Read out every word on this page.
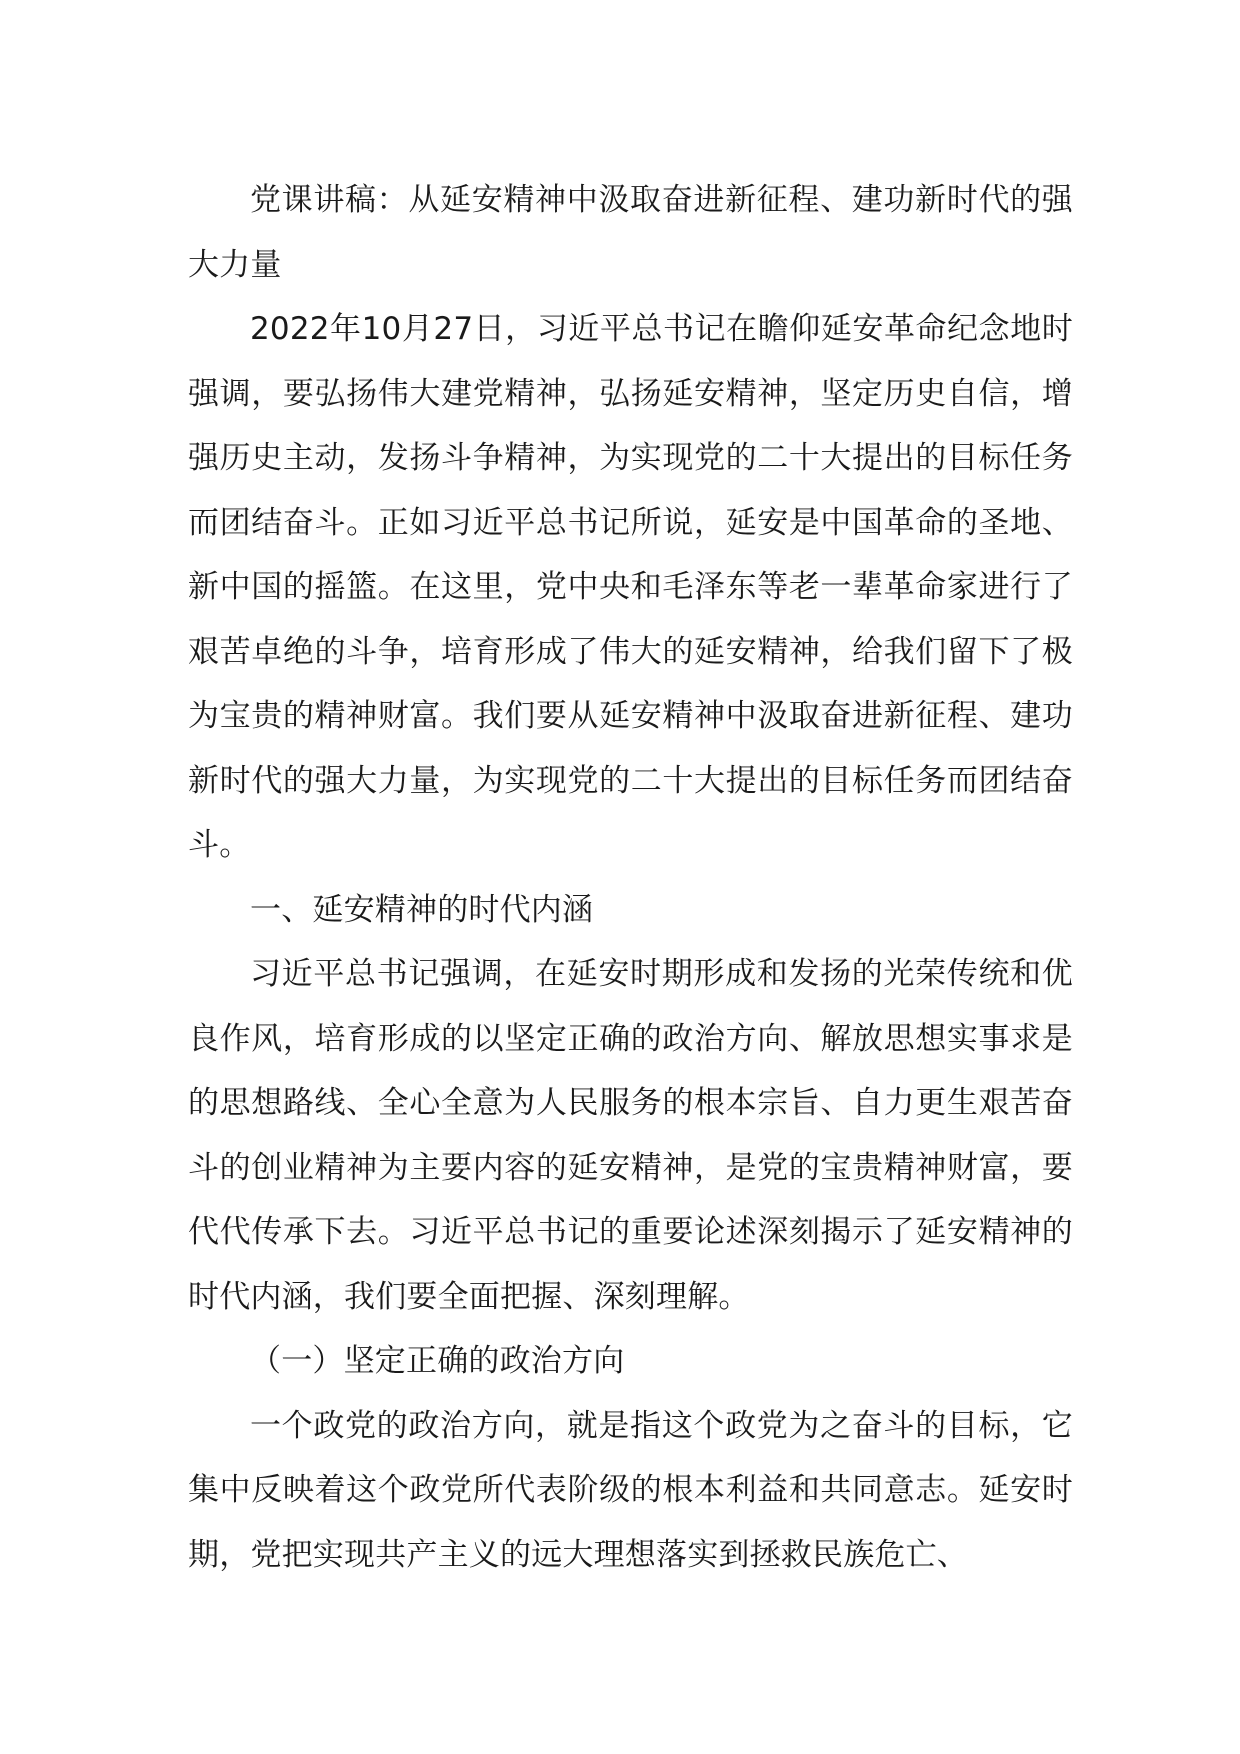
党课讲稿：从延安精神中汲取奋进新征程、建功新时代的强大力量

2022年10月27日，习近平总书记在瞻仰延安革命纪念地时强调，要弘扬伟大建党精神，弘扬延安精神，坚定历史自信，增强历史主动，发扬斗争精神，为实现党的二十大提出的目标任务而团结奋斗。正如习近平总书记所说，延安是中国革命的圣地、新中国的摇篮。在这里，党中央和毛泽东等老一辈革命家进行了艰苦卓绝的斗争，培育形成了伟大的延安精神，给我们留下了极为宝贵的精神财富。我们要从延安精神中汲取奋进新征程、建功新时代的强大力量，为实现党的二十大提出的目标任务而团结奋斗。

一、延安精神的时代内涵

习近平总书记强调，在延安时期形成和发扬的光荣传统和优良作风，培育形成的以坚定正确的政治方向、解放思想实事求是的思想路线、全心全意为人民服务的根本宗旨、自力更生艰苦奋斗的创业精神为主要内容的延安精神，是党的宝贵精神财富，要代代传承下去。习近平总书记的重要论述深刻揭示了延安精神的时代内涵，我们要全面把握、深刻理解。

（一）坚定正确的政治方向

一个政党的政治方向，就是指这个政党为之奋斗的目标，它集中反映着这个政党所代表阶级的根本利益和共同意志。延安时期，党把实现共产主义的远大理想落实到拯救民族危亡、
